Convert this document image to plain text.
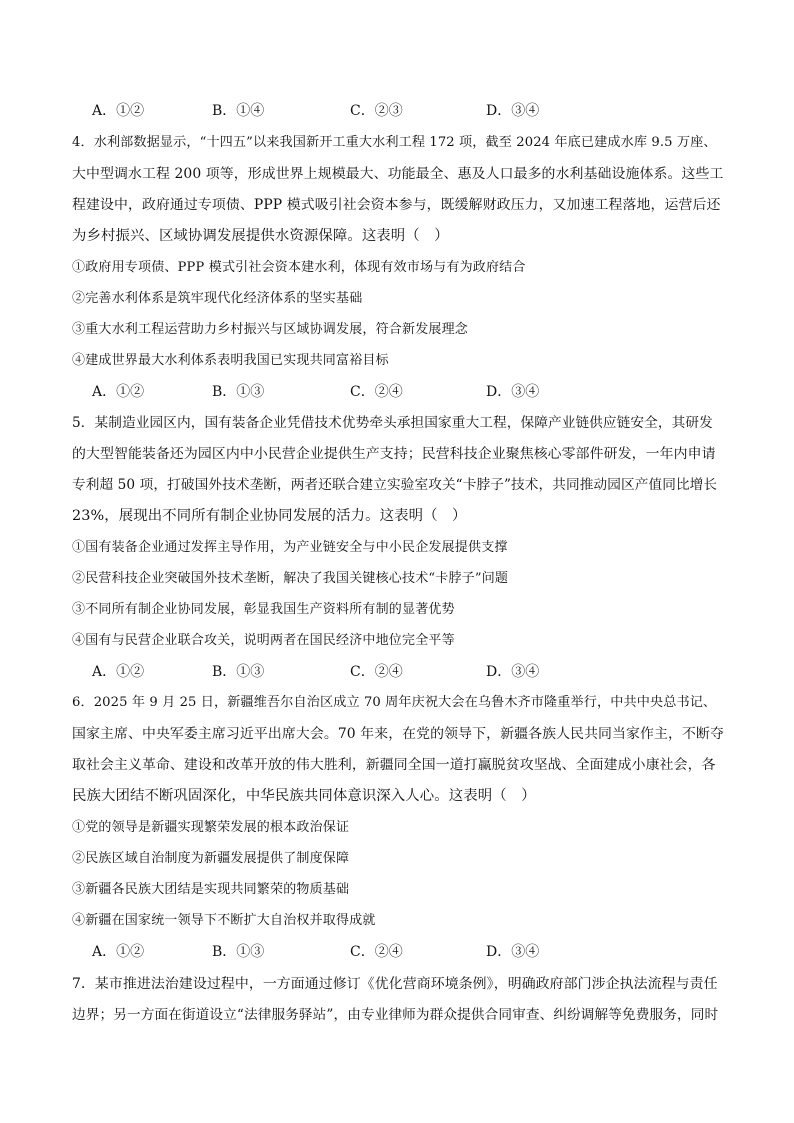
A．①②	B．①④	C．②③	D．③④
4．水利部数据显示，“十四五”以来我国新开工重大水利工程 172 项，截至 2024 年底已建成水库 9.5 万座、
大中型调水工程 200 项等，形成世界上规模最大、功能最全、惠及人口最多的水利基础设施体系。这些工
程建设中，政府通过专项债、PPP 模式吸引社会资本参与，既缓解财政压力，又加速工程落地，运营后还
为乡村振兴、区域协调发展提供水资源保障。这表明（　）
①政府用专项债、PPP 模式引社会资本建水利，体现有效市场与有为政府结合
②完善水利体系是筑牢现代化经济体系的坚实基础
③重大水利工程运营助力乡村振兴与区域协调发展，符合新发展理念
④建成世界最大水利体系表明我国已实现共同富裕目标
A．①②	B．①③	C．②④	D．③④
5．某制造业园区内，国有装备企业凭借技术优势牵头承担国家重大工程，保障产业链供应链安全，其研发
的大型智能装备还为园区内中小民营企业提供生产支持；民营科技企业聚焦核心零部件研发，一年内申请
专利超 50 项，打破国外技术垄断，两者还联合建立实验室攻关“卡脖子”技术，共同推动园区产值同比增长
23%，展现出不同所有制企业协同发展的活力。这表明（　）
①国有装备企业通过发挥主导作用，为产业链安全与中小民企发展提供支撑
②民营科技企业突破国外技术垄断，解决了我国关键核心技术“卡脖子”问题
③不同所有制企业协同发展，彰显我国生产资料所有制的显著优势
④国有与民营企业联合攻关，说明两者在国民经济中地位完全平等
A．①②	B．①③	C．②④	D．③④
6．2025 年 9 月 25 日，新疆维吾尔自治区成立 70 周年庆祝大会在乌鲁木齐市隆重举行，中共中央总书记、
国家主席、中央军委主席习近平出席大会。70 年来，在党的领导下，新疆各族人民共同当家作主，不断夺
取社会主义革命、建设和改革开放的伟大胜利，新疆同全国一道打赢脱贫攻坚战、全面建成小康社会，各
民族大团结不断巩固深化，中华民族共同体意识深入人心。这表明（　）
①党的领导是新疆实现繁荣发展的根本政治保证
②民族区域自治制度为新疆发展提供了制度保障
③新疆各民族大团结是实现共同繁荣的物质基础
④新疆在国家统一领导下不断扩大自治权并取得成就
A．①②	B．①③	C．②④	D．③④
7．某市推进法治建设过程中，一方面通过修订《优化营商环境条例》，明确政府部门涉企执法流程与责任
边界；另一方面在街道设立“法律服务驿站”，由专业律师为群众提供合同审查、纠纷调解等免费服务，同时
